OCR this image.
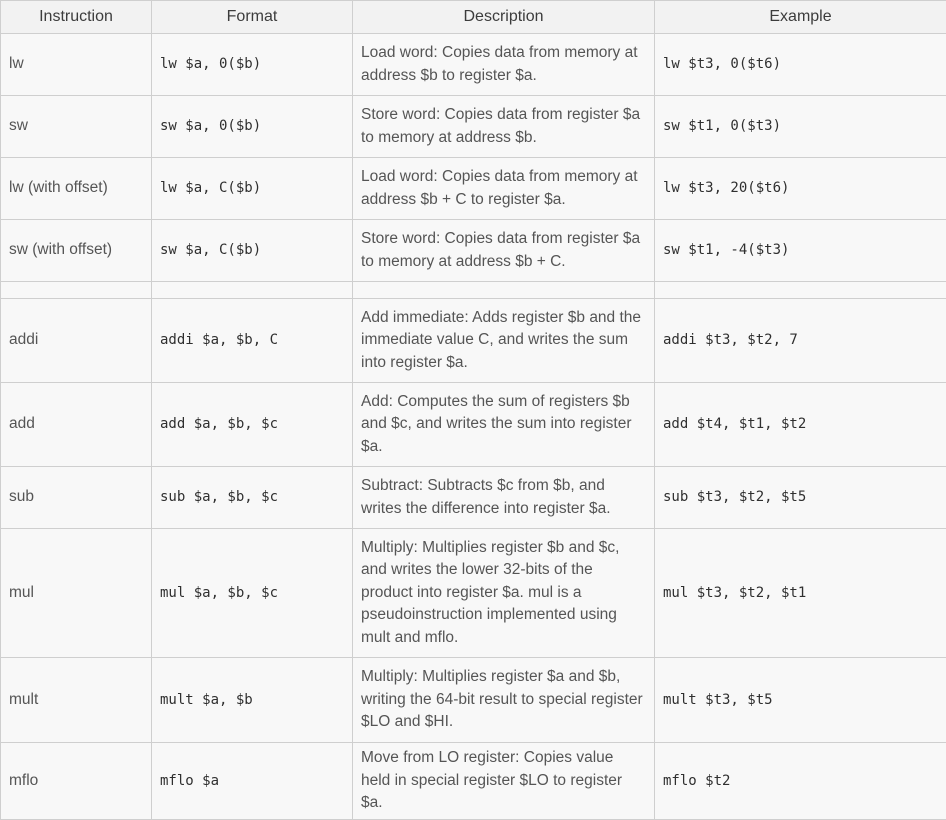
Instruction	Format	Description	Example
lw	lw $a, 0($b)	Load word: Copies data from memory at address $b to register $a.	lw $t3, 0($t6)
sw	sw $a, 0($b)	Store word: Copies data from register $a to memory at address $b.	sw $t1, 0($t3)
lw (with offset)	lw $a, C($b)	Load word: Copies data from memory at address $b + C to register $a.	lw $t3, 20($t6)
sw (with offset)	sw $a, C($b)	Store word: Copies data from register $a to memory at address $b + C.	sw $t1, -4($t3)

addi	addi $a, $b, C	Add immediate: Adds register $b and the immediate value C, and writes the sum into register $a.	addi $t3, $t2, 7
add	add $a, $b, $c	Add: Computes the sum of registers $b and $c, and writes the sum into register $a.	add $t4, $t1, $t2
sub	sub $a, $b, $c	Subtract: Subtracts $c from $b, and writes the difference into register $a.	sub $t3, $t2, $t5
mul	mul $a, $b, $c	Multiply: Multiplies register $b and $c, and writes the lower 32-bits of the product into register $a. mul is a pseudoinstruction implemented using mult and mflo.	mul $t3, $t2, $t1
mult	mult $a, $b	Multiply: Multiplies register $a and $b, writing the 64-bit result to special register $LO and $HI.	mult $t3, $t5
mflo	mflo $a	Move from LO register: Copies value held in special register $LO to register $a.	mflo $t2
